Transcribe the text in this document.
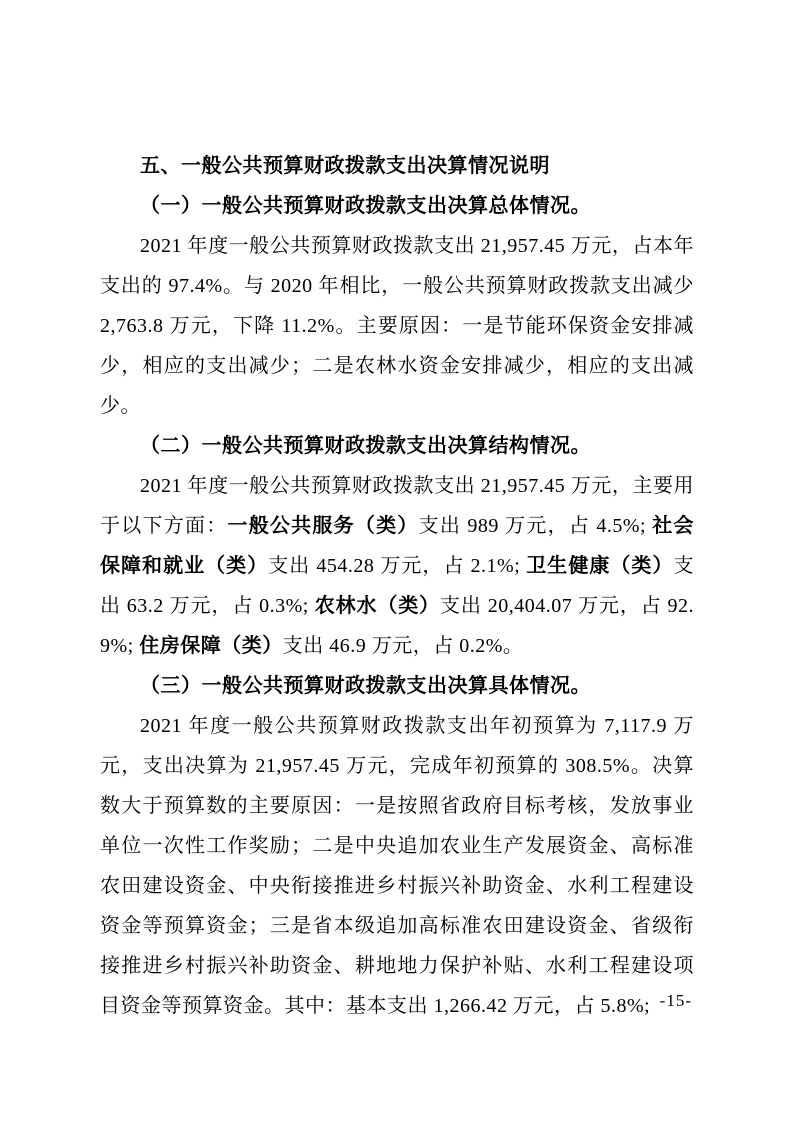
五、一般公共预算财政拨款支出决算情况说明
（一）一般公共预算财政拨款支出决算总体情况。

2021 年度一般公共预算财政拨款支出 21,957.45 万元，占本年支出的 97.4%。与 2020 年相比，一般公共预算财政拨款支出减少 2,763.8 万元，下降 11.2%。主要原因：一是节能环保资金安排减少，相应的支出减少；二是农林水资金安排减少，相应的支出减少。

（二）一般公共预算财政拨款支出决算结构情况。

2021 年度一般公共预算财政拨款支出 21,957.45 万元，主要用于以下方面：一般公共服务（类）支出 989 万元，占 4.5%; 社会保障和就业（类）支出 454.28 万元，占 2.1%; 卫生健康（类）支出 63.2 万元，占 0.3%; 农林水（类）支出 20,404.07 万元，占 92.9%; 住房保障（类）支出 46.9 万元，占 0.2%。

（三）一般公共预算财政拨款支出决算具体情况。

2021 年度一般公共预算财政拨款支出年初预算为 7,117.9 万元，支出决算为 21,957.45 万元，完成年初预算的 308.5%。决算数大于预算数的主要原因：一是按照省政府目标考核，发放事业单位一次性工作奖励；二是中央追加农业生产发展资金、高标准农田建设资金、中央衔接推进乡村振兴补助资金、水利工程建设资金等预算资金；三是省本级追加高标准农田建设资金、省级衔接推进乡村振兴补助资金、耕地地力保护补贴、水利工程建设项目资金等预算资金。其中：基本支出 1,266.42 万元，占 5.8%; -15-
